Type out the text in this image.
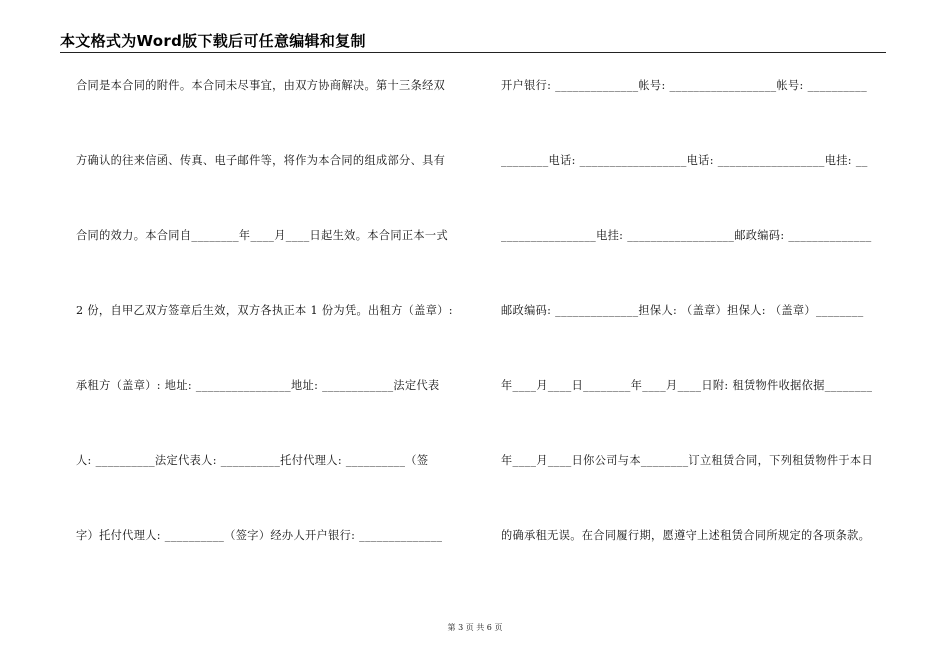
本文格式为Word版下载后可任意编辑和复制
合同是本合同的附件。本合同未尽事宜，由双方协商解决。第十三条经双
方确认的往来信函、传真、电子邮件等，将作为本合同的组成部分、具有
合同的效力。本合同自________年____月____日起生效。本合同正本一式
2 份，自甲乙双方签章后生效，双方各执正本 1 份为凭。出租方（盖章）:
承租方（盖章）: 地址: ________________地址: ____________法定代表
人: __________法定代表人: __________托付代理人: __________（签
字）托付代理人: __________（签字）经办人开户银行: ______________
开户银行: ______________帐号: __________________帐号: __________
________电话: __________________电话: __________________电挂: __
________________电挂: __________________邮政编码: ______________
邮政编码: ______________担保人: （盖章）担保人: （盖章）________
年____月____日________年____月____日附: 租赁物件收据依据________
年____月____日你公司与本________订立租赁合同，下列租赁物件于本日
的确承租无误。在合同履行期，愿遵守上述租赁合同所规定的各项条款。
第 3 页 共 6 页
